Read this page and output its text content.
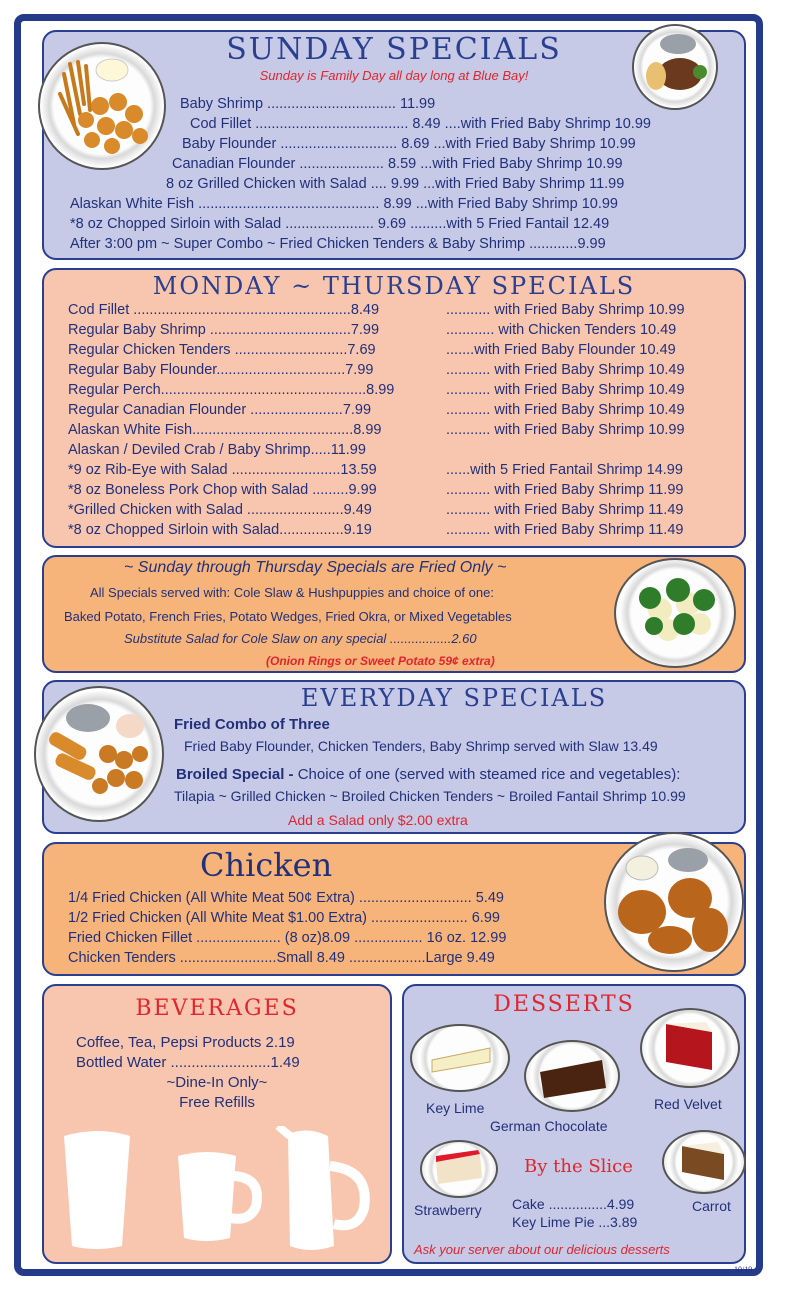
SUNDAY SPECIALS
Sunday is Family Day all day long at Blue Bay!
Baby Shrimp ................................ 11.99
Cod Fillet ...................................... 8.49 ....with Fried Baby Shrimp 10.99
Baby Flounder ............................. 8.69 ...with Fried Baby Shrimp 10.99
Canadian Flounder ..................... 8.59 ...with Fried Baby Shrimp 10.99
8 oz Grilled Chicken with Salad .... 9.99 ...with Fried Baby Shrimp 11.99
Alaskan White Fish ............................................. 8.99 ...with Fried Baby Shrimp 10.99
*8 oz Chopped Sirloin with Salad ...................... 9.69 .........with 5 Fried Fantail 12.49
After 3:00 pm ~ Super Combo ~ Fried Chicken Tenders & Baby Shrimp ............9.99
MONDAY ~ THURSDAY SPECIALS
Cod Fillet ......................................................8.49	........... with Fried Baby Shrimp 10.99
Regular Baby Shrimp ...................................7.99	............ with Chicken Tenders 10.49
Regular Chicken Tenders ............................7.69	.......with Fried Baby Flounder 10.49
Regular Baby Flounder................................7.99	........... with Fried Baby Shrimp 10.49
Regular Perch...................................................8.99	........... with Fried Baby Shrimp 10.49
Regular Canadian Flounder .......................7.99	........... with Fried Baby Shrimp 10.49
Alaskan White Fish........................................8.99	........... with Fried Baby Shrimp 10.99
Alaskan / Deviled Crab / Baby Shrimp.....11.99
*9 oz Rib-Eye with Salad ...........................13.59	......with 5 Fried Fantail Shrimp 14.99
*8 oz Boneless Pork Chop with Salad .........9.99	........... with Fried Baby Shrimp 11.99
*Grilled Chicken with Salad ........................9.49	........... with Fried Baby Shrimp 11.49
*8 oz Chopped Sirloin with Salad................9.19	........... with Fried Baby Shrimp 11.49
~ Sunday through Thursday Specials are Fried Only ~
All Specials served with: Cole Slaw & Hushpuppies and choice of one:
Baked Potato, French Fries, Potato Wedges, Fried Okra, or Mixed Vegetables
Substitute Salad for Cole Slaw on any special .................2.60
(Onion Rings or Sweet Potato 59¢ extra)
EVERYDAY SPECIALS
Fried Combo of Three
Fried Baby Flounder, Chicken Tenders, Baby Shrimp served with Slaw 13.49
Broiled Special - Choice of one (served with steamed rice and vegetables):
Tilapia ~ Grilled Chicken ~ Broiled Chicken Tenders ~ Broiled Fantail Shrimp 10.99
Add a Salad only $2.00 extra
Chicken
1/4 Fried Chicken (All White Meat 50¢ Extra) ............................ 5.49
1/2 Fried Chicken (All White Meat $1.00 Extra) ........................ 6.99
Fried Chicken Fillet ..................... (8 oz)8.09 ................. 16 oz. 12.99
Chicken Tenders ........................Small 8.49 ...................Large 9.49
BEVERAGES
Coffee, Tea, Pepsi Products 2.19
Bottled Water ........................1.49
~Dine-In Only~
Free Refills
DESSERTS
Key Lime
German Chocolate
Red Velvet
By the Slice
Strawberry	Carrot
Cake ...............4.99
Key Lime Pie ...3.89
Ask your server about our delicious desserts
10/19
